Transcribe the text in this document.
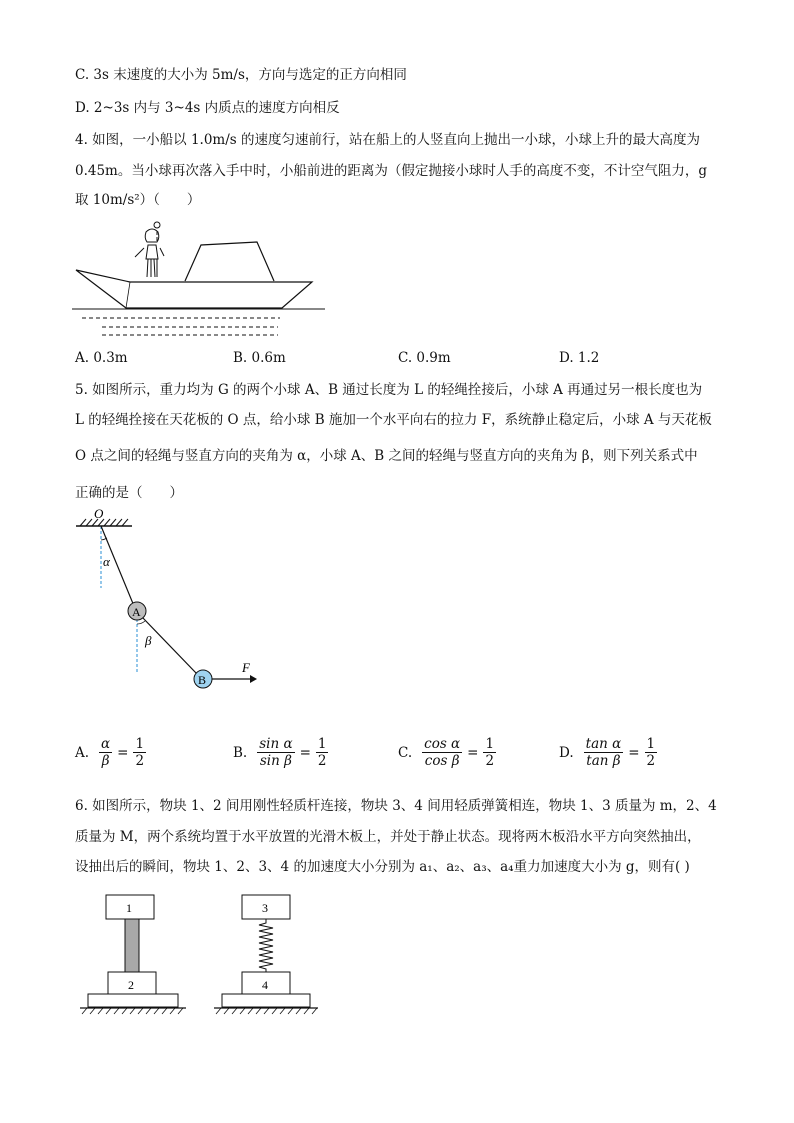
C. 3s 末速度的大小为 5m/s，方向与选定的正方向相同
D. 2~3s 内与 3~4s 内质点的速度方向相反
4. 如图，一小船以 1.0m/s 的速度匀速前行，站在船上的人竖直向上抛出一小球，小球上升的最大高度为
0.45m。当小球再次落入手中时，小船前进的距离为（假定抛接小球时人手的高度不变，不计空气阻力，g
取 10m/s²）（　　）
A. 0.3m	B. 0.6m	C. 0.9m	D. 1.2
5. 如图所示，重力均为 G 的两个小球 A、B 通过长度为 L 的轻绳拴接后，小球 A 再通过另一根长度也为
L 的轻绳拴接在天花板的 O 点，给小球 B 施加一个水平向右的拉力 F，系统静止稳定后，小球 A 与天花板
O 点之间的轻绳与竖直方向的夹角为 α，小球 A、B 之间的轻绳与竖直方向的夹角为 β，则下列关系式中
正确的是（　　）
O
α
β
A
B
F
A. $\frac{\alpha}{\beta} = \frac{1}{2}$	B. $\frac{\text{sin α}}{\text{sin β}} = \frac{1}{2}$	C. $\frac{\text{cos α}}{\text{cos β}} = \frac{1}{2}$	D. $\frac{\text{tan α}}{\text{tan β}} = \frac{1}{2}$
6. 如图所示，物块 1、2 间用刚性轻质杆连接，物块 3、4 间用轻质弹簧相连，物块 1、3 质量为 m，2、4
质量为 M，两个系统均置于水平放置的光滑木板上，并处于静止状态。现将两木板沿水平方向突然抽出，
设抽出后的瞬间，物块 1、2、3、4 的加速度大小分别为 a₁、a₂、a₃、a₄重力加速度大小为 g，则有( )
1
2
3
4
